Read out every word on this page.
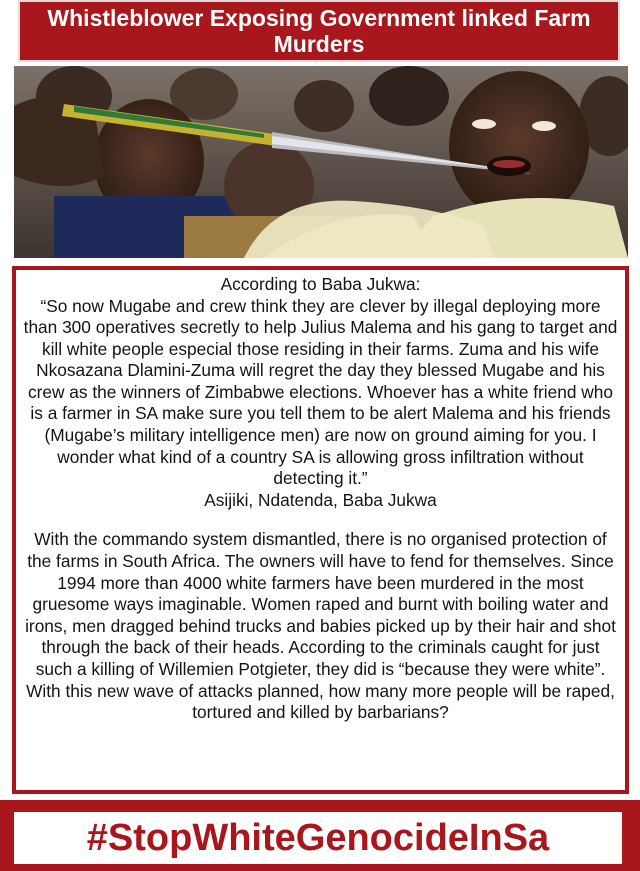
Whistleblower Exposing Government linked Farm Murders

According to Baba Jukwa:

“So now Mugabe and crew think they are clever by illegal deploying more than 300 operatives secretly to help Julius Malema and his gang to target and kill white people especial those residing in their farms. Zuma and his wife Nkosazana Dlamini-Zuma will regret the day they blessed Mugabe and his crew as the winners of Zimbabwe elections. Whoever has a white friend who is a farmer in SA make sure you tell them to be alert Malema and his friends (Mugabe’s military intelligence men) are now on ground aiming for you. I wonder what kind of a country SA is allowing gross infiltration without detecting it.”

Asijiki, Ndatenda, Baba Jukwa

With the commando system dismantled, there is no organised protection of the farms in South Africa. The owners will have to fend for themselves. Since 1994 more than 4000 white farmers have been murdered in the most gruesome ways imaginable. Women raped and burnt with boiling water and irons, men dragged behind trucks and babies picked up by their hair and shot through the back of their heads. According to the criminals caught for just such a killing of Willemien Potgieter, they did is “because they were white”. With this new wave of attacks planned, how many more people will be raped, tortured and killed by barbarians?

#StopWhiteGenocideInSa
